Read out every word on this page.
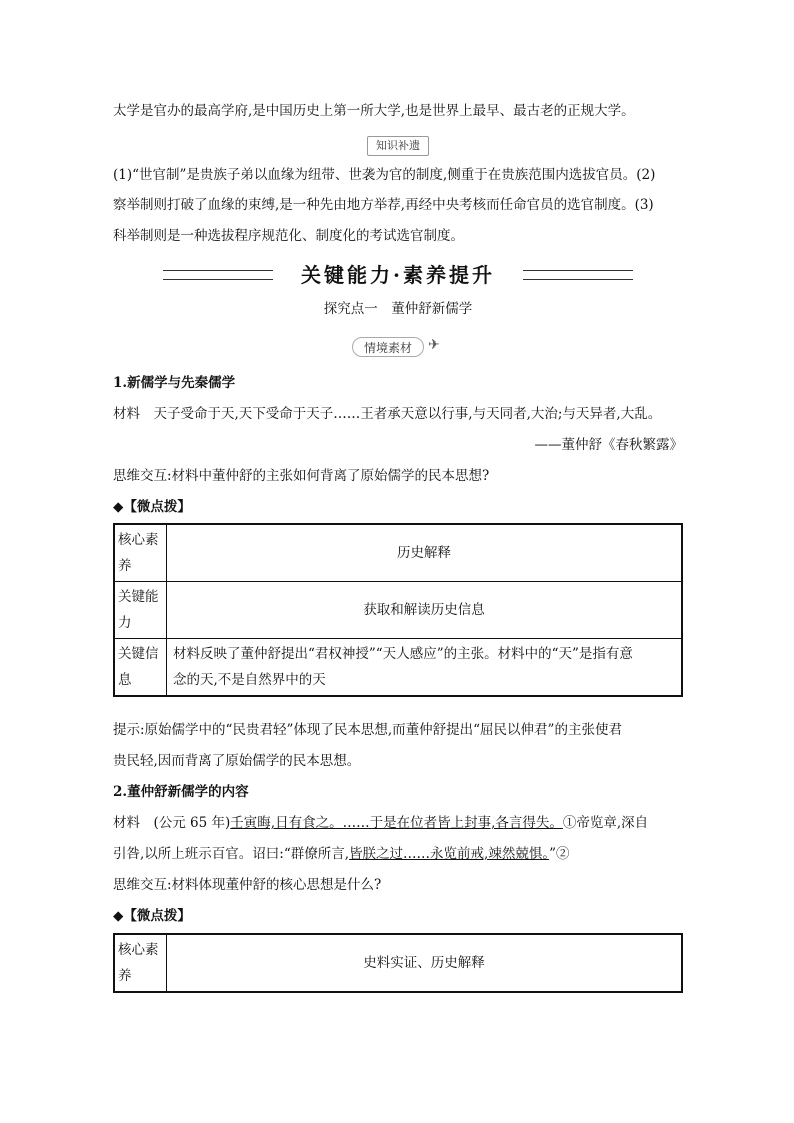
太学是官办的最高学府,是中国历史上第一所大学,也是世界上最早、最古老的正规大学。
知识补遗
(1)“世官制”是贵族子弟以血缘为纽带、世袭为官的制度,侧重于在贵族范围内选拔官员。(2)
察举制则打破了血缘的束缚,是一种先由地方举荐,再经中央考核而任命官员的选官制度。(3)
科举制则是一种选拔程序规范化、制度化的考试选官制度。
关键能力·素养提升
探究点一　董仲舒新儒学
情境素材	✈
1.新儒学与先秦儒学
材料　天子受命于天,天下受命于天子……王者承天意以行事,与天同者,大治;与天异者,大乱。
——董仲舒《春秋繁露》
思维交互:材料中董仲舒的主张如何背离了原始儒学的民本思想?
◆【微点拨】
核心素
养	历史解释
关键能
力	获取和解读历史信息
关键信
息	材料反映了董仲舒提出“君权神授”“天人感应”的主张。材料中的“天”是指有意
念的天,不是自然界中的天
提示:原始儒学中的“民贵君轻”体现了民本思想,而董仲舒提出“屈民以伸君”的主张使君
贵民轻,因而背离了原始儒学的民本思想。
2.董仲舒新儒学的内容
材料　(公元 65 年)壬寅晦,日有食之。……于是在位者皆上封事,各言得失。①帝览章,深自
引咎,以所上班示百官。诏曰:“群僚所言,皆朕之过……永览前戒,竦然兢惧。”②
思维交互:材料体现董仲舒的核心思想是什么?
◆【微点拨】
核心素
养	史料实证、历史解释
